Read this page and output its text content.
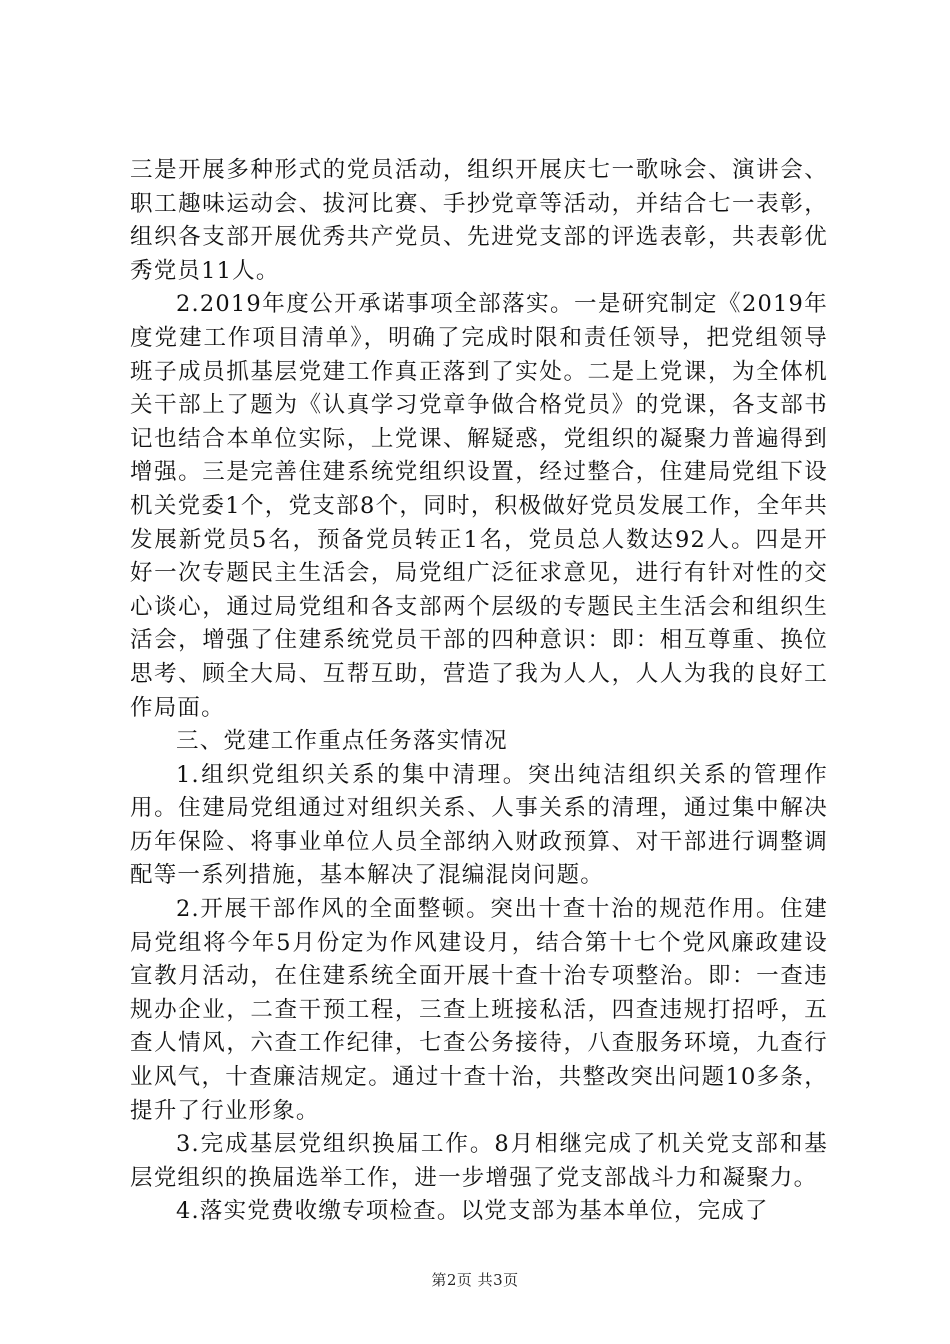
三是开展多种形式的党员活动，组织开展庆七一歌咏会、演讲会、职工趣味运动会、拔河比赛、手抄党章等活动，并结合七一表彰，组织各支部开展优秀共产党员、先进党支部的评选表彰，共表彰优秀党员11人。

2.2019年度公开承诺事项全部落实。一是研究制定《2019年度党建工作项目清单》，明确了完成时限和责任领导，把党组领导班子成员抓基层党建工作真正落到了实处。二是上党课，为全体机关干部上了题为《认真学习党章争做合格党员》的党课，各支部书记也结合本单位实际，上党课、解疑惑，党组织的凝聚力普遍得到增强。三是完善住建系统党组织设置，经过整合，住建局党组下设机关党委1个，党支部8个，同时，积极做好党员发展工作，全年共发展新党员5名，预备党员转正1名，党员总人数达92人。四是开好一次专题民主生活会，局党组广泛征求意见，进行有针对性的交心谈心，通过局党组和各支部两个层级的专题民主生活会和组织生活会，增强了住建系统党员干部的四种意识：即：相互尊重、换位思考、顾全大局、互帮互助，营造了我为人人，人人为我的良好工作局面。

三、党建工作重点任务落实情况

1.组织党组织关系的集中清理。突出纯洁组织关系的管理作用。住建局党组通过对组织关系、人事关系的清理，通过集中解决历年保险、将事业单位人员全部纳入财政预算、对干部进行调整调配等一系列措施，基本解决了混编混岗问题。

2.开展干部作风的全面整顿。突出十查十治的规范作用。住建局党组将今年5月份定为作风建设月，结合第十七个党风廉政建设宣教月活动，在住建系统全面开展十查十治专项整治。即：一查违规办企业，二查干预工程，三查上班接私活，四查违规打招呼，五查人情风，六查工作纪律，七查公务接待，八查服务环境，九查行业风气，十查廉洁规定。通过十查十治，共整改突出问题10多条，提升了行业形象。

3.完成基层党组织换届工作。8月相继完成了机关党支部和基层党组织的换届选举工作，进一步增强了党支部战斗力和凝聚力。

4.落实党费收缴专项检查。以党支部为基本单位，完成了

第2页 共3页
